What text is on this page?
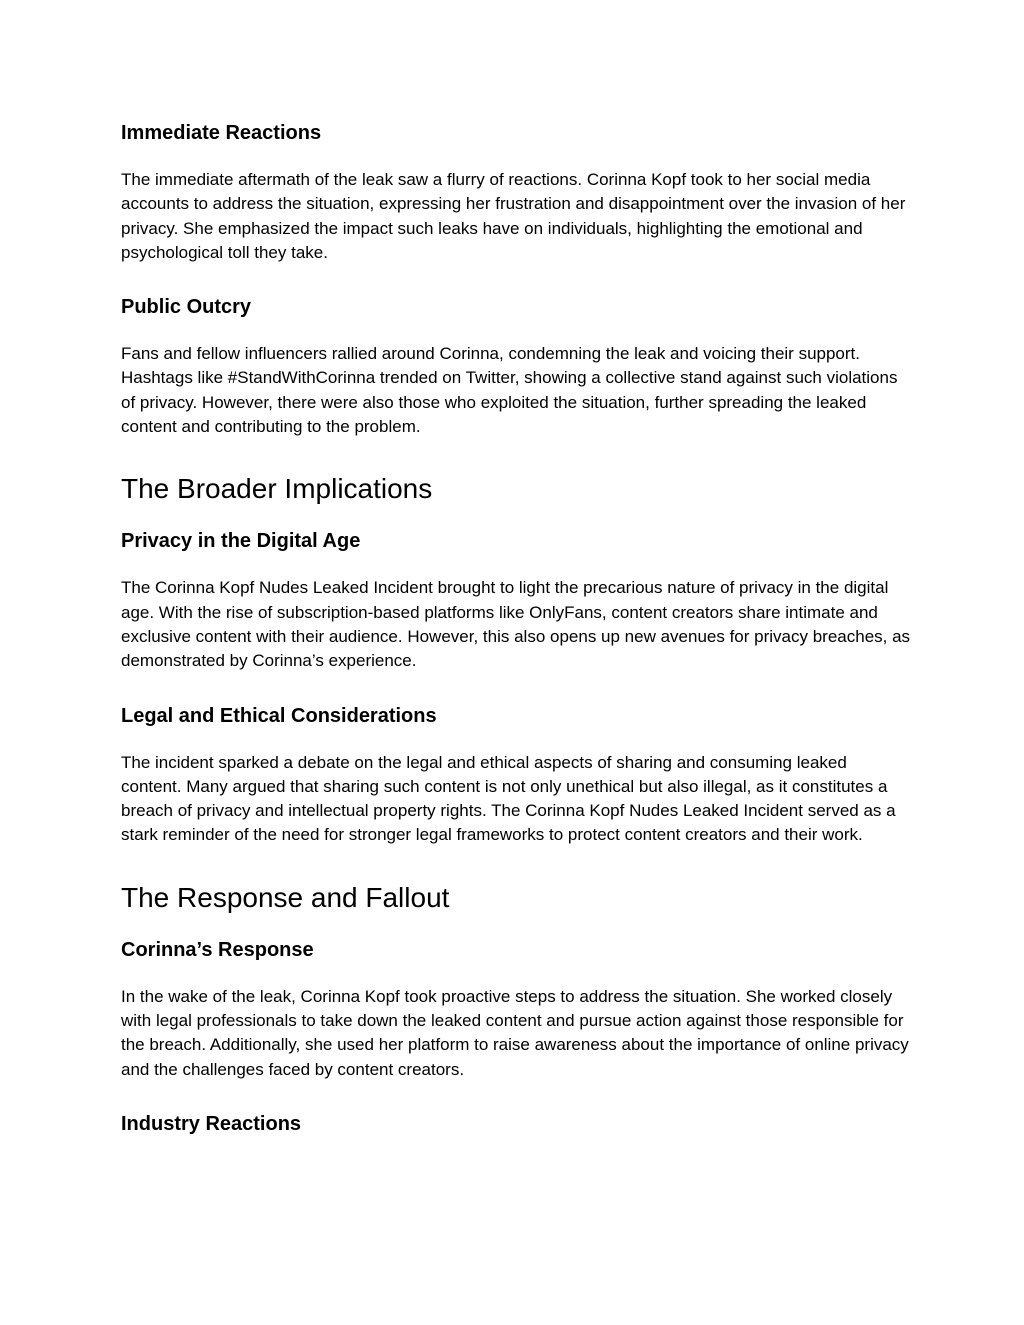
Immediate Reactions

The immediate aftermath of the leak saw a flurry of reactions. Corinna Kopf took to her social media accounts to address the situation, expressing her frustration and disappointment over the invasion of her privacy. She emphasized the impact such leaks have on individuals, highlighting the emotional and psychological toll they take.

Public Outcry

Fans and fellow influencers rallied around Corinna, condemning the leak and voicing their support. Hashtags like #StandWithCorinna trended on Twitter, showing a collective stand against such violations of privacy. However, there were also those who exploited the situation, further spreading the leaked content and contributing to the problem.

The Broader Implications
Privacy in the Digital Age

The Corinna Kopf Nudes Leaked Incident brought to light the precarious nature of privacy in the digital age. With the rise of subscription-based platforms like OnlyFans, content creators share intimate and exclusive content with their audience. However, this also opens up new avenues for privacy breaches, as demonstrated by Corinna’s experience.

Legal and Ethical Considerations

The incident sparked a debate on the legal and ethical aspects of sharing and consuming leaked content. Many argued that sharing such content is not only unethical but also illegal, as it constitutes a breach of privacy and intellectual property rights. The Corinna Kopf Nudes Leaked Incident served as a stark reminder of the need for stronger legal frameworks to protect content creators and their work.

The Response and Fallout
Corinna’s Response

In the wake of the leak, Corinna Kopf took proactive steps to address the situation. She worked closely with legal professionals to take down the leaked content and pursue action against those responsible for the breach. Additionally, she used her platform to raise awareness about the importance of online privacy and the challenges faced by content creators.

Industry Reactions
